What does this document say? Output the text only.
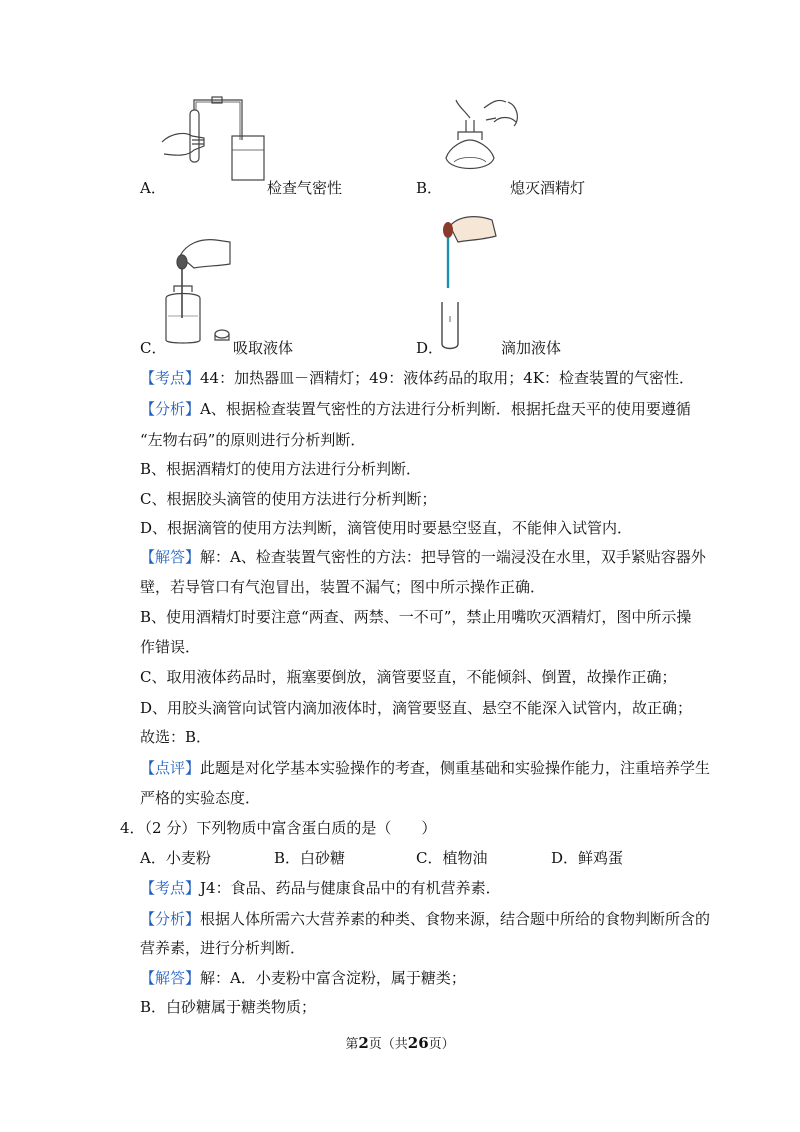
A．	检查气密性	B．	熄灭酒精灯
C．	吸取液体	D．	滴加液体
【考点】44：加热器皿－酒精灯；49：液体药品的取用；4K：检查装置的气密性．
【分析】A、根据检查装置气密性的方法进行分析判断．根据托盘天平的使用要遵循
“左物右码”的原则进行分析判断．
B、根据酒精灯的使用方法进行分析判断．
C、根据胶头滴管的使用方法进行分析判断；
D、根据滴管的使用方法判断，滴管使用时要悬空竖直，不能伸入试管内．
【解答】解：A、检查装置气密性的方法：把导管的一端浸没在水里，双手紧贴容器外
壁，若导管口有气泡冒出，装置不漏气；图中所示操作正确．
B、使用酒精灯时要注意“两查、两禁、一不可”，禁止用嘴吹灭酒精灯，图中所示操
作错误．
C、取用液体药品时，瓶塞要倒放，滴管要竖直，不能倾斜、倒置，故操作正确；
D、用胶头滴管向试管内滴加液体时，滴管要竖直、悬空不能深入试管内，故正确；
故选：B．
【点评】此题是对化学基本实验操作的考查，侧重基础和实验操作能力，注重培养学生
严格的实验态度．
4．（2 分）下列物质中富含蛋白质的是（　　）
A．小麦粉	B．白砂糖	C．植物油	D．鲜鸡蛋
【考点】J4：食品、药品与健康食品中的有机营养素．
【分析】根据人体所需六大营养素的种类、食物来源，结合题中所给的食物判断所含的
营养素，进行分析判断．
【解答】解：A．小麦粉中富含淀粉，属于糖类；
B．白砂糖属于糖类物质；
第2页（共26页）
